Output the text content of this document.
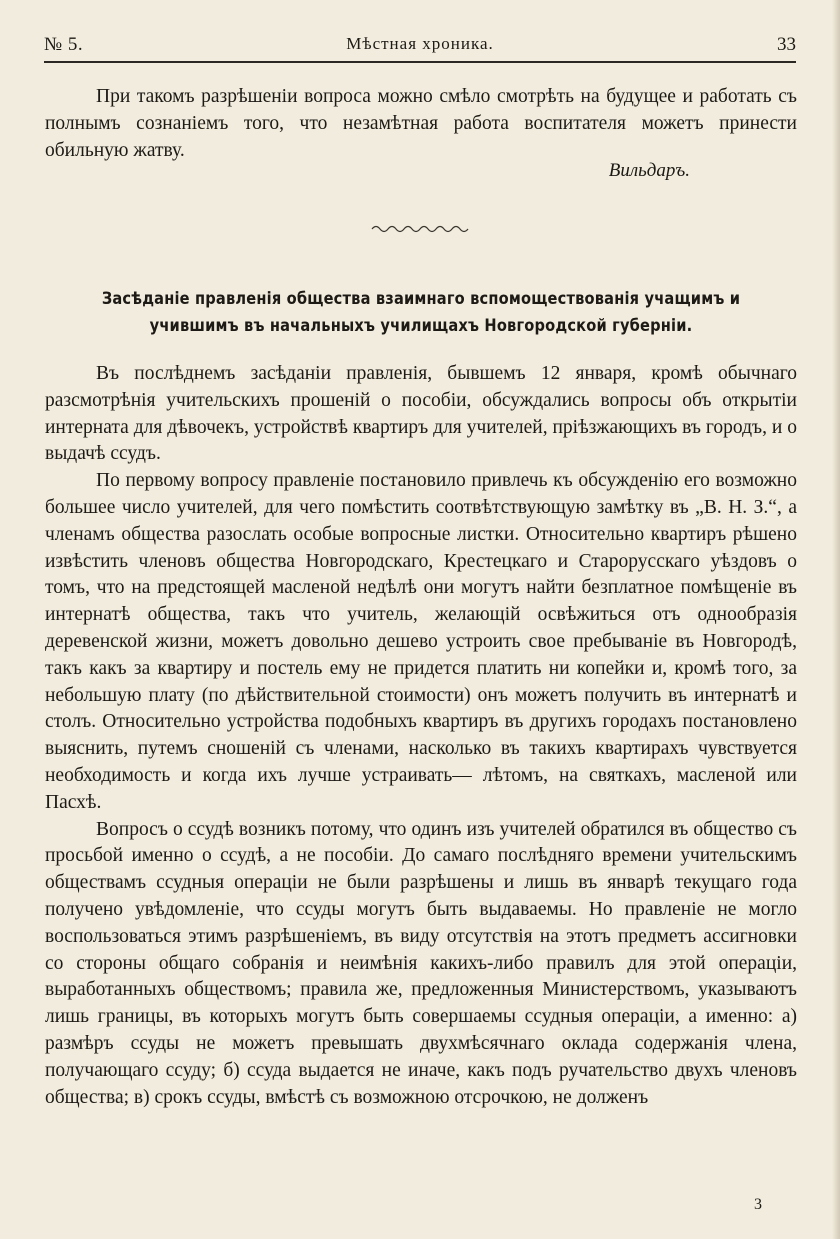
№ 5.	Мѣстная хроника.	33

При такомъ разрѣшеніи вопроса можно смѣло смотрѣть на будущее и работать съ полнымъ сознаніемъ того, что незамѣтная работа воспитателя можетъ принести обильную жатву.

Вильдаръ.
Засѣданіе правленія общества взаимнаго вспомоществованія учащимъ и учившимъ въ начальныхъ училищахъ Новгородской губерніи.

Въ послѣднемъ засѣданіи правленія, бывшемъ 12 января, кромѣ обычнаго разсмотрѣнія учительскихъ прошеній о пособіи, обсуждались вопросы объ открытіи интерната для дѣвочекъ, устройствѣ квартиръ для учителей, пріѣзжающихъ въ городъ, и о выдачѣ ссудъ.

По первому вопросу правленіе постановило привлечь къ обсужденію его возможно большее число учителей, для чего помѣстить соотвѣтствующую замѣтку въ „В. Н. З.“, а членамъ общества разослать особые вопросные листки. Относительно квартиръ рѣшено извѣстить членовъ общества Новгородскаго, Крестецкаго и Старорусскаго уѣздовъ о томъ, что на предстоящей масленой недѣлѣ они могутъ найти безплатное помѣщеніе въ интернатѣ общества, такъ что учитель, желающій освѣжиться отъ однообразія деревенской жизни, можетъ довольно дешево устроить свое пребываніе въ Новгородѣ, такъ какъ за квартиру и постель ему не придется платить ни копейки и, кромѣ того, за небольшую плату (по дѣйствительной стоимости) онъ можетъ получить въ интернатѣ и столъ. Относительно устройства подобныхъ квартиръ въ другихъ городахъ постановлено выяснить, путемъ сношеній съ членами, насколько въ такихъ квартирахъ чувствуется необходимость и когда ихъ лучше устраивать— лѣтомъ, на святкахъ, масленой или Пасхѣ.

Вопросъ о ссудѣ возникъ потому, что одинъ изъ учителей обратился въ общество съ просьбой именно о ссудѣ, а не пособіи. До самаго послѣдняго времени учительскимъ обществамъ ссудныя операціи не были разрѣшены и лишь въ январѣ текущаго года получено увѣдомленіе, что ссуды могутъ быть выдаваемы. Но правленіе не могло воспользоваться этимъ разрѣшеніемъ, въ виду отсутствія на этотъ предметъ ассигновки со стороны общаго собранія и неимѣнія какихъ-либо правилъ для этой операціи, выработанныхъ обществомъ; правила же, предложенныя Министерствомъ, указываютъ лишь границы, въ которыхъ могутъ быть совершаемы ссудныя операціи, а именно: а) размѣръ ссуды не можетъ превышать двухмѣсячнаго оклада содержанія члена, получающаго ссуду; б) ссуда выдается не иначе, какъ подъ ручательство двухъ членовъ общества; в) срокъ ссуды, вмѣстѣ съ возможною отсрочкою, не долженъ

3
